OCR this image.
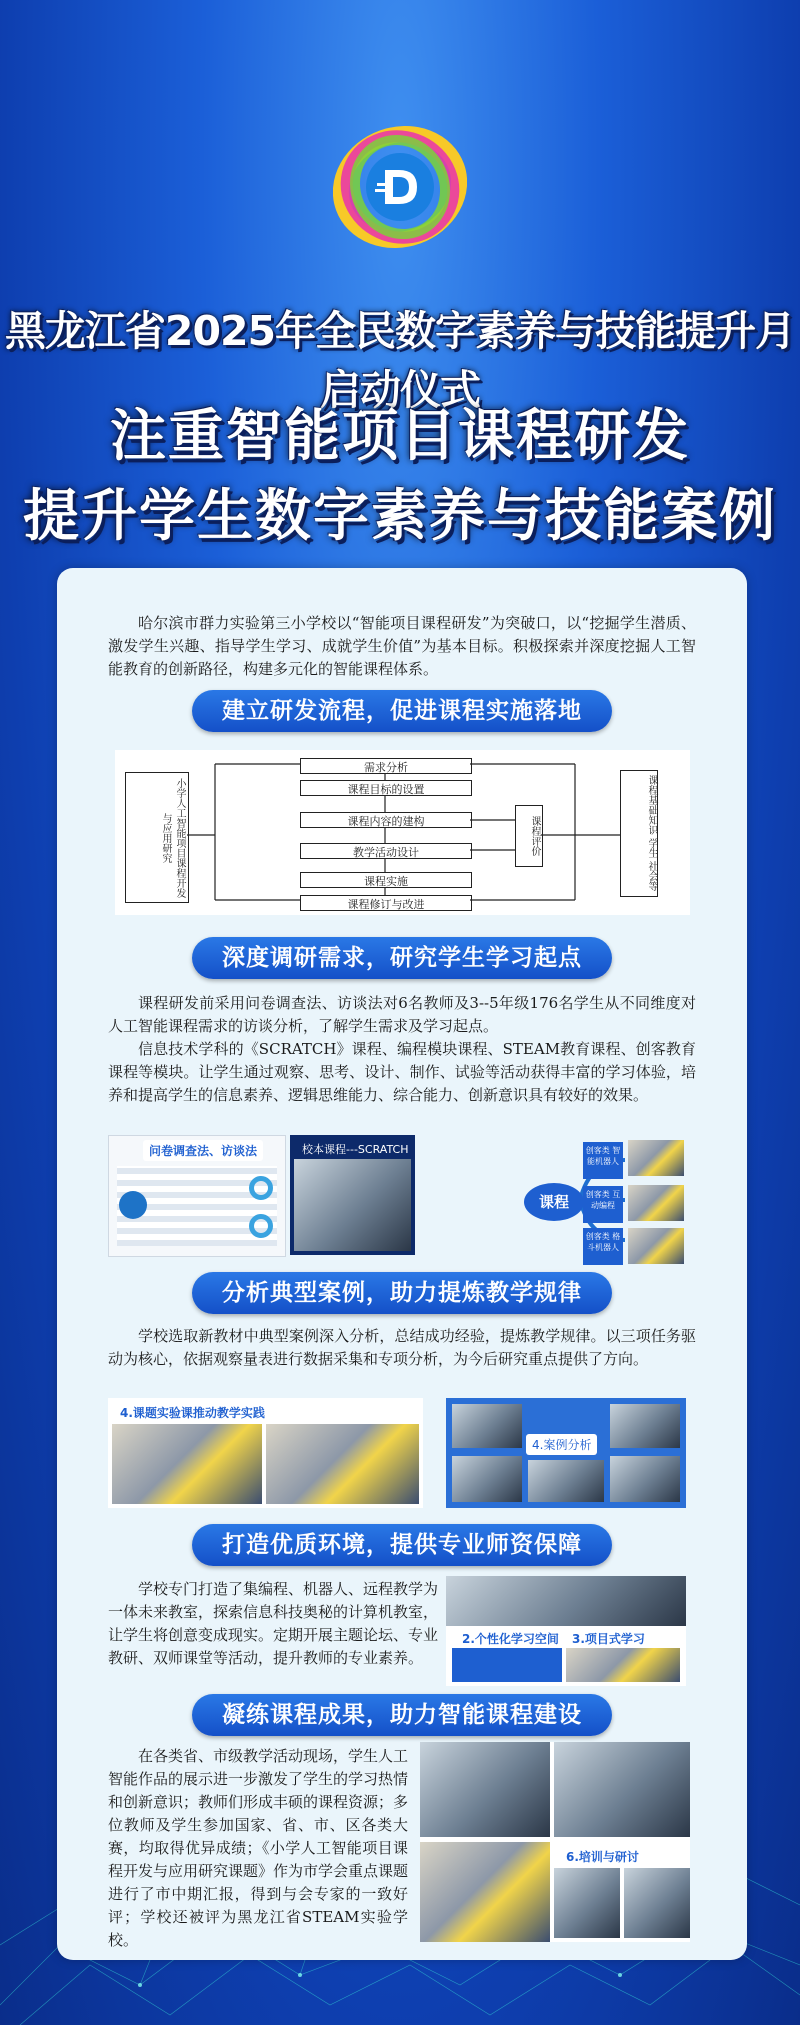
黑龙江省2025年全民数字素养与技能提升月启动仪式
注重智能项目课程研发
提升学生数字素养与技能案例

哈尔滨市群力实验第三小学校以“智能项目课程研发”为突破口，以“挖掘学生潜质、激发学生兴趣、指导学生学习、成就学生价值”为基本目标。积极探索并深度挖掘人工智能教育的创新路径，构建多元化的智能课程体系。

建立研发流程，促进课程实施落地
小学人工智能项目课程开发与应用研究
需求分析
课程目标的设置
课程内容的建构
教学活动设计
课程实施
课程修订与改进
课程评价	课程基础知识 学生 社会等
深度调研需求，研究学生学习起点

课程研发前采用问卷调查法、访谈法对6名教师及3--5年级176名学生从不同维度对人工智能课程需求的访谈分析，了解学生需求及学习起点。

信息技术学科的《SCRATCH》课程、编程模块课程、STEAM教育课程、创客教育课程等模块。让学生通过观察、思考、设计、制作、试验等活动获得丰富的学习体验，培养和提高学生的信息素养、逻辑思维能力、综合能力、创新意识具有较好的效果。

问卷调查法、访谈法	校本课程---SCRATCH
课程
创客类 智能机器人
创客类 互动编程
创客类 格斗机器人
分析典型案例，助力提炼教学规律

学校选取新教材中典型案例深入分析，总结成功经验，提炼教学规律。以三项任务驱动为核心，依据观察量表进行数据采集和专项分析，为今后研究重点提供了方向。

4.课题实验课推动教学实践
4.案例分析
打造优质环境，提供专业师资保障

学校专门打造了集编程、机器人、远程教学为一体未来教室，探索信息科技奥秘的计算机教室，让学生将创意变成现实。定期开展主题论坛、专业教研、双师课堂等活动，提升教师的专业素养。

2.个性化学习空间	3.项目式学习
凝练课程成果，助力智能课程建设

在各类省、市级教学活动现场，学生人工智能作品的展示进一步激发了学生的学习热情和创新意识；教师们形成丰硕的课程资源；多位教师及学生参加国家、省、市、区各类大赛，均取得优异成绩；《小学人工智能项目课程开发与应用研究课题》作为市学会重点课题进行了市中期汇报，得到与会专家的一致好评；学校还被评为黑龙江省STEAM实验学校。

6.培训与研讨
